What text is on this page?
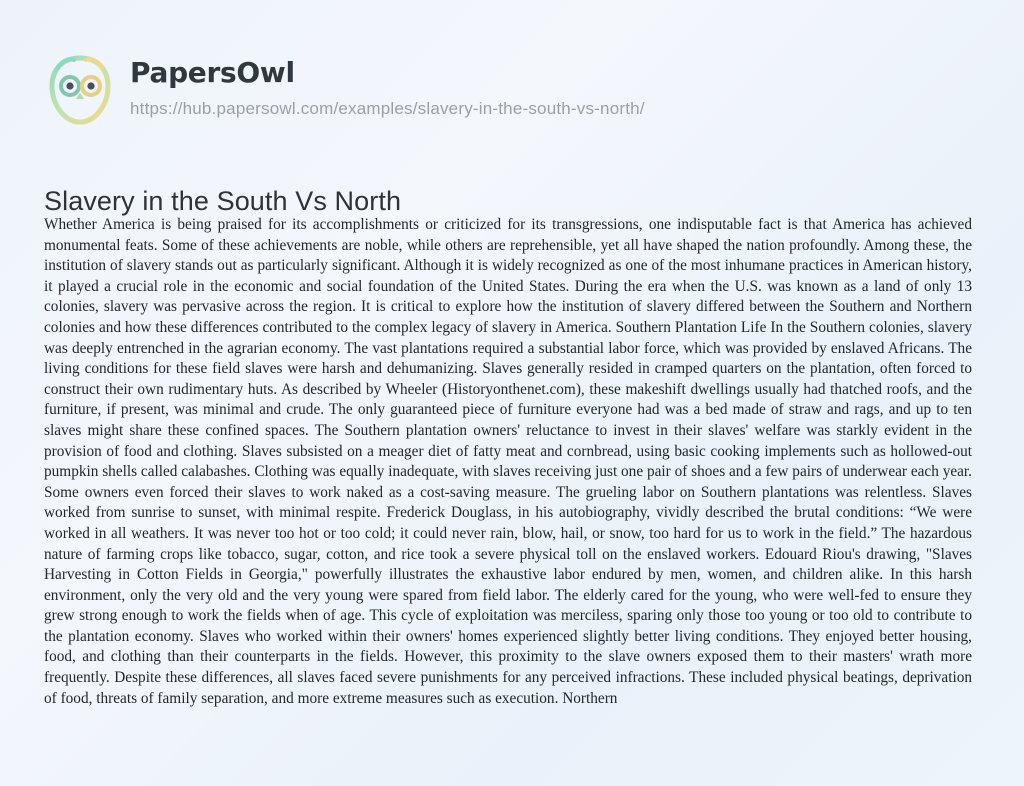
PapersOwl
https://hub.papersowl.com/examples/slavery-in-the-south-vs-north/
Slavery in the South Vs North

Whether America is being praised for its accomplishments or criticized for its transgressions, one indisputable fact is that America has achieved monumental feats. Some of these achievements are noble, while others are reprehensible, yet all have shaped the nation profoundly. Among these, the institution of slavery stands out as particularly significant. Although it is widely recognized as one of the most inhumane practices in American history, it played a crucial role in the economic and social foundation of the United States. During the era when the U.S. was known as a land of only 13 colonies, slavery was pervasive across the region. It is critical to explore how the institution of slavery differed between the Southern and Northern colonies and how these differences contributed to the complex legacy of slavery in America. Southern Plantation Life In the Southern colonies, slavery was deeply entrenched in the agrarian economy. The vast plantations required a substantial labor force, which was provided by enslaved Africans. The living conditions for these field slaves were harsh and dehumanizing. Slaves generally resided in cramped quarters on the plantation, often forced to construct their own rudimentary huts. As described by Wheeler (Historyonthenet.com), these makeshift dwellings usually had thatched roofs, and the furniture, if present, was minimal and crude. The only guaranteed piece of furniture everyone had was a bed made of straw and rags, and up to ten slaves might share these confined spaces. The Southern plantation owners' reluctance to invest in their slaves' welfare was starkly evident in the provision of food and clothing. Slaves subsisted on a meager diet of fatty meat and cornbread, using basic cooking implements such as hollowed-out pumpkin shells called calabashes. Clothing was equally inadequate, with slaves receiving just one pair of shoes and a few pairs of underwear each year. Some owners even forced their slaves to work naked as a cost-saving measure. The grueling labor on Southern plantations was relentless. Slaves worked from sunrise to sunset, with minimal respite. Frederick Douglass, in his autobiography, vividly described the brutal conditions: “We were worked in all weathers. It was never too hot or too cold; it could never rain, blow, hail, or snow, too hard for us to work in the field.” The hazardous nature of farming crops like tobacco, sugar, cotton, and rice took a severe physical toll on the enslaved workers. Edouard Riou's drawing, "Slaves Harvesting in Cotton Fields in Georgia," powerfully illustrates the exhaustive labor endured by men, women, and children alike. In this harsh environment, only the very old and the very young were spared from field labor. The elderly cared for the young, who were well-fed to ensure they grew strong enough to work the fields when of age. This cycle of exploitation was merciless, sparing only those too young or too old to contribute to the plantation economy. Slaves who worked within their owners' homes experienced slightly better living conditions. They enjoyed better housing, food, and clothing than their counterparts in the fields. However, this proximity to the slave owners exposed them to their masters' wrath more frequently. Despite these differences, all slaves faced severe punishments for any perceived infractions. These included physical beatings, deprivation of food, threats of family separation, and more extreme measures such as execution. Northern
